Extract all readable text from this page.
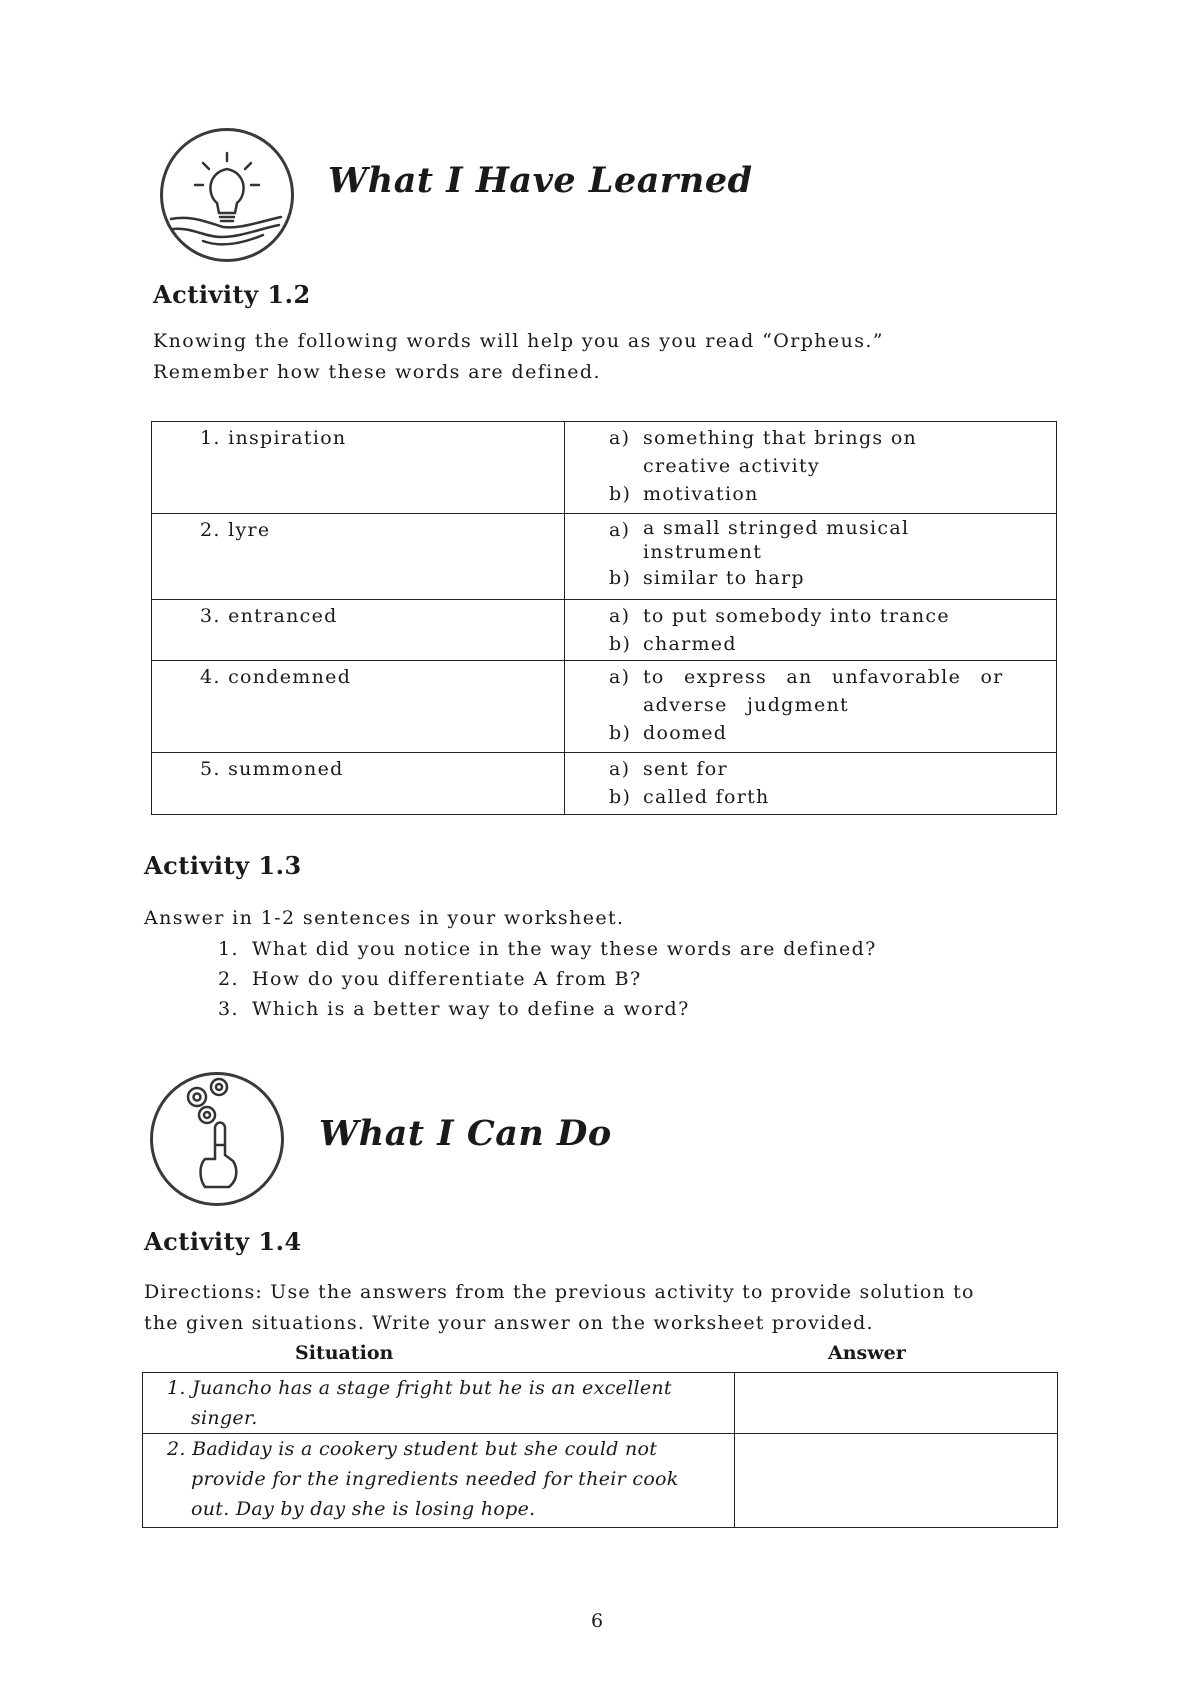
What I Have Learned
Activity 1.2
Knowing the following words will help you as you read “Orpheus.”
Remember how these words are defined.
1. inspiration	a) something that brings on creative activity
b) motivation

2. lyre	a) a small stringed musical instrument
b) similar to harp

3. entranced	a) to put somebody into trance
b) charmed

4. condemned	a) to express an unfavorable or adverse judgment
b) doomed

5. summoned	a) sent for
b) called forth
Activity 1.3
Answer in 1-2 sentences in your worksheet.
1. What did you notice in the way these words are defined?
2. How do you differentiate A from B?
3. Which is a better way to define a word?
What I Can Do
Activity 1.4
Directions: Use the answers from the previous activity to provide solution to
the given situations. Write your answer on the worksheet provided.
Situation	Answer
1. Juancho has a stage fright but he is an excellent singer.	

2. Badiday is a cookery student but she could not provide for the ingredients needed for their cook out. Day by day she is losing hope.	

6
